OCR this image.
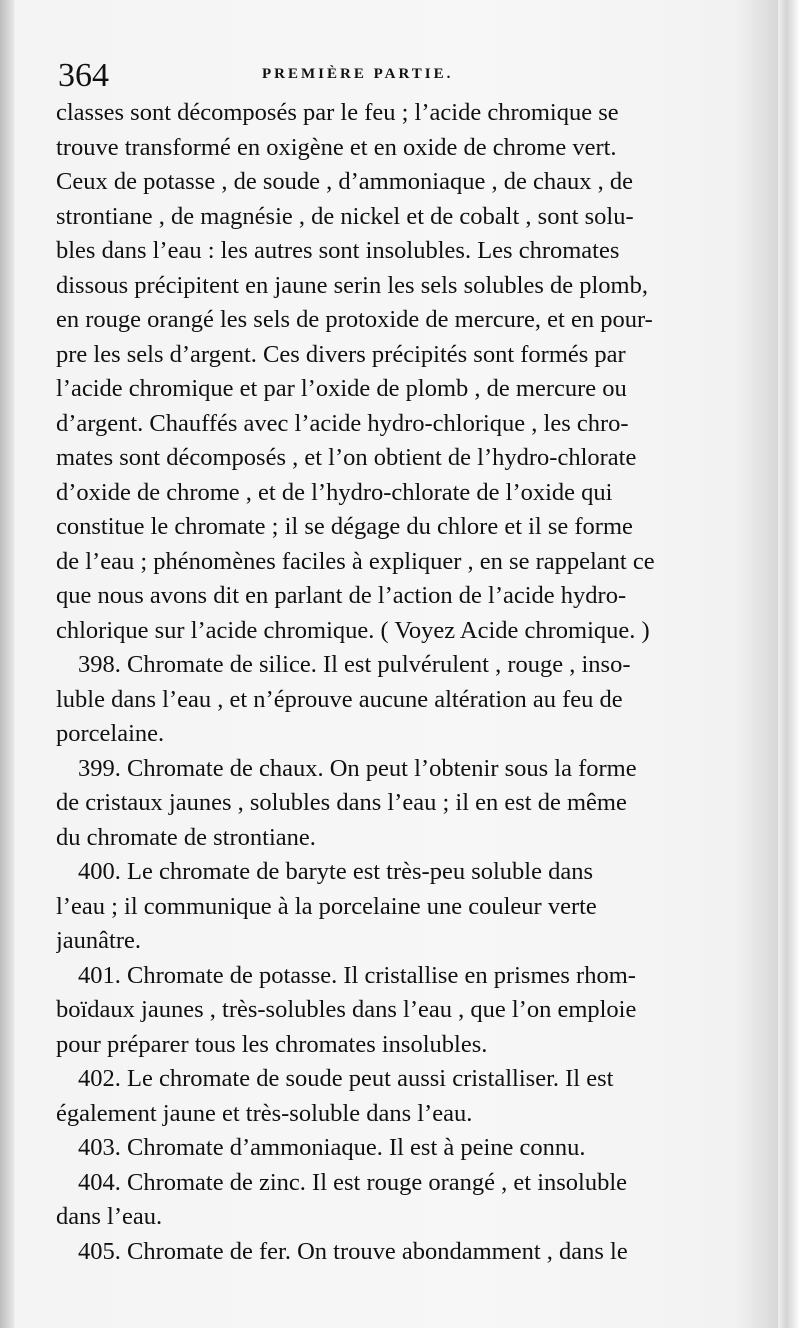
364	PREMIÈRE PARTIE.
classes sont décomposés par le feu ; l’acide chromique se
trouve transformé en oxigène et en oxide de chrome vert.
Ceux de potasse , de soude , d’ammoniaque , de chaux , de
strontiane , de magnésie , de nickel et de cobalt , sont solu-
bles dans l’eau : les autres sont insolubles. Les chromates
dissous précipitent en jaune serin les sels solubles de plomb,
en rouge orangé les sels de protoxide de mercure, et en pour-
pre les sels d’argent. Ces divers précipités sont formés par
l’acide chromique et par l’oxide de plomb , de mercure ou
d’argent. Chauffés avec l’acide hydro-chlorique , les chro-
mates sont décomposés , et l’on obtient de l’hydro-chlorate
d’oxide de chrome , et de l’hydro-chlorate de l’oxide qui
constitue le chromate ; il se dégage du chlore et il se forme
de l’eau ; phénomènes faciles à expliquer , en se rappelant ce
que nous avons dit en parlant de l’action de l’acide hydro-
chlorique sur l’acide chromique. ( Voyez Acide chromique. )
398. Chromate de silice. Il est pulvérulent , rouge , inso-
luble dans l’eau , et n’éprouve aucune altération au feu de
porcelaine.
399. Chromate de chaux. On peut l’obtenir sous la forme
de cristaux jaunes , solubles dans l’eau ; il en est de même
du chromate de strontiane.
400. Le chromate de baryte est très-peu soluble dans
l’eau ; il communique à la porcelaine une couleur verte
jaunâtre.
401. Chromate de potasse. Il cristallise en prismes rhom-
boïdaux jaunes , très-solubles dans l’eau , que l’on emploie
pour préparer tous les chromates insolubles.
402. Le chromate de soude peut aussi cristalliser. Il est
également jaune et très-soluble dans l’eau.
403. Chromate d’ammoniaque. Il est à peine connu.
404. Chromate de zinc. Il est rouge orangé , et insoluble
dans l’eau.
405. Chromate de fer. On trouve abondamment , dans le
